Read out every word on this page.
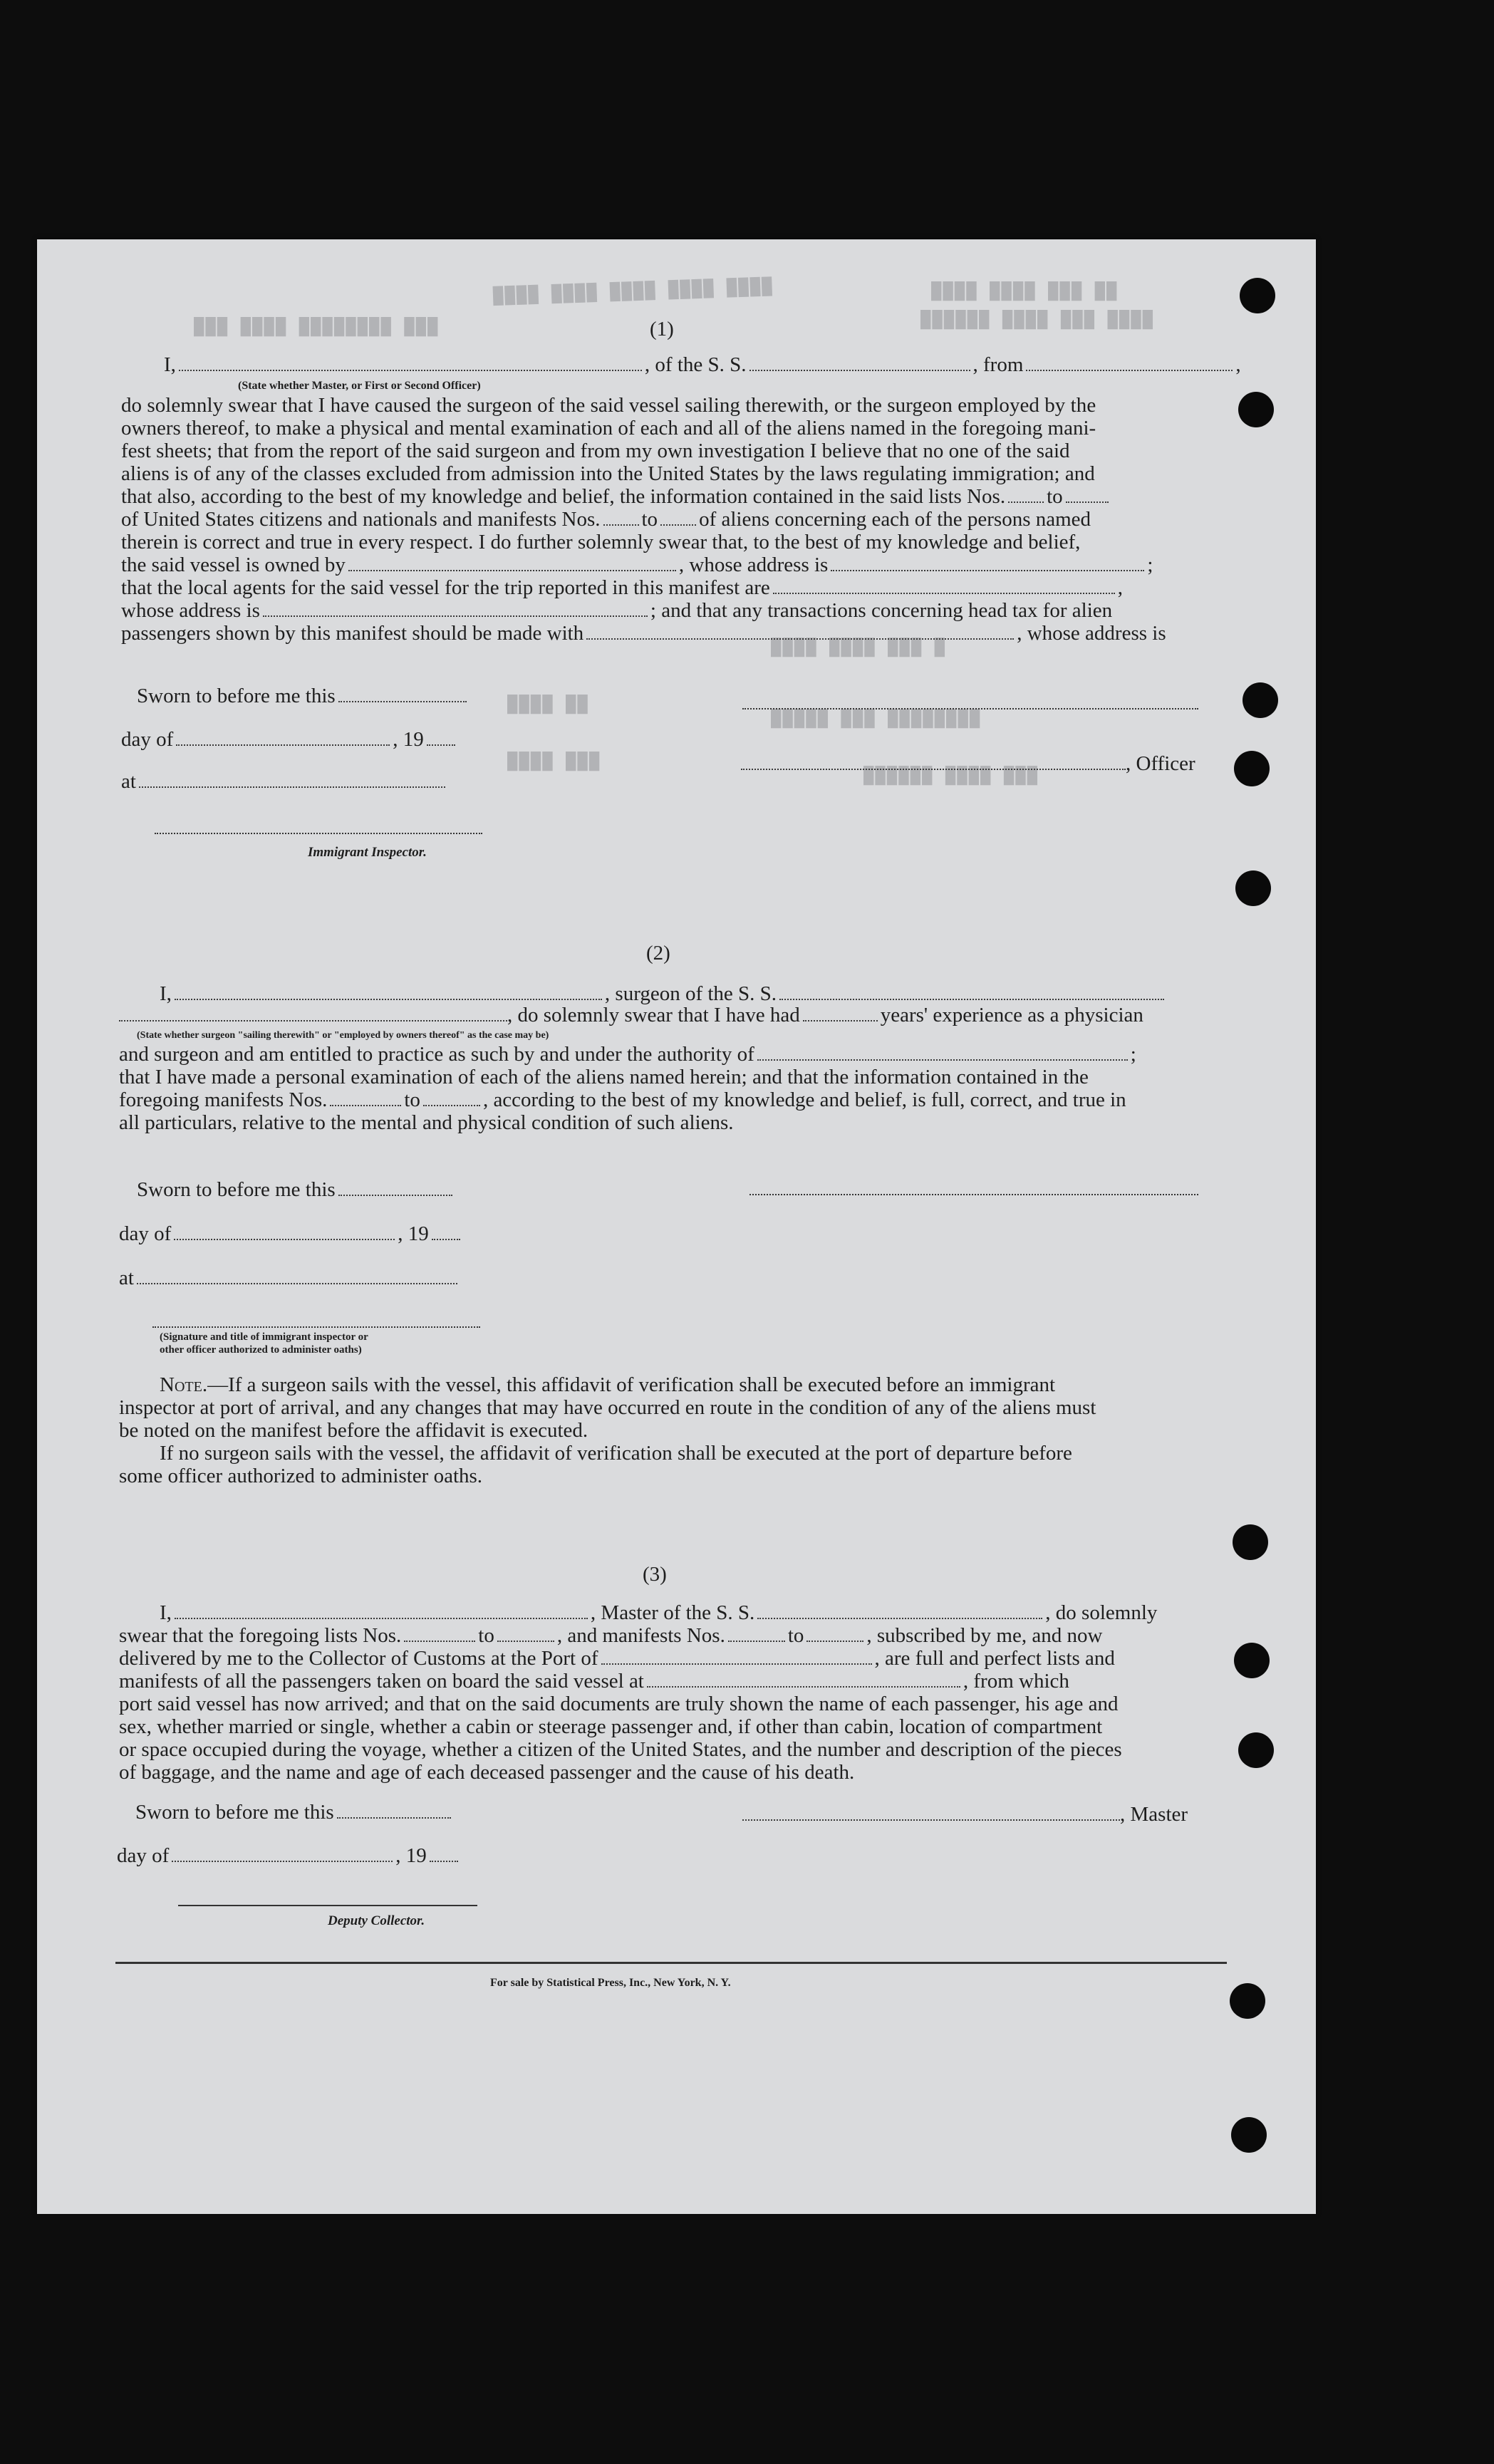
████ ████ ████ ████ ████
███ ████ ████████ ███
████ ████ ███ ██
██████ ████ ███ ████
████ ████ ███ █
█████ ███ ████████
██████ ████ ███
████ ██
████ ███
(1)
I,	, of the S. S.	, from	,
(State whether Master, or First or Second Officer)
do solemnly swear that I have caused the surgeon of the said vessel sailing therewith, or the surgeon employed by the
owners thereof, to make a physical and mental examination of each and all of the aliens named in the foregoing mani-
fest sheets; that from the report of the said surgeon and from my own investigation I believe that no one of the said
aliens is of any of the classes excluded from admission into the United States by the laws regulating immigration; and
that also, according to the best of my knowledge and belief, the information contained in the said lists Nos. to
of United States citizens and nationals and manifests Nos. to of aliens concerning each of the persons named
therein is correct and true in every respect. I do further solemnly swear that, to the best of my knowledge and belief,
the said vessel is owned by	, whose address is	;
that the local agents for the said vessel for the trip reported in this manifest are	,
whose address is	; and that any transactions concerning head tax for alien
passengers shown by this manifest should be made with	, whose address is
Sworn to before me this
day of	, 19
at
Immigrant Inspector.
, Officer
(2)
I,	, surgeon of the S. S.
, do solemnly swear that I have had	years' experience as a physician
(State whether surgeon "sailing therewith" or "employed by owners thereof" as the case may be)
and surgeon and am entitled to practice as such by and under the authority of	;
that I have made a personal examination of each of the aliens named herein; and that the information contained in the
foregoing manifests Nos.	to	, according to the best of my knowledge and belief, is full, correct, and true in
all particulars, relative to the mental and physical condition of such aliens.
Sworn to before me this
day of	, 19
at
(Signature and title of immigrant inspector or
other officer authorized to administer oaths)
Note.—If a surgeon sails with the vessel, this affidavit of verification shall be executed before an immigrant
inspector at port of arrival, and any changes that may have occurred en route in the condition of any of the aliens must
be noted on the manifest before the affidavit is executed.
If no surgeon sails with the vessel, the affidavit of verification shall be executed at the port of departure before
some officer authorized to administer oaths.
(3)
I,	, Master of the S. S.	, do solemnly
swear that the foregoing lists Nos.	to	, and manifests Nos.	to	, subscribed by me, and now
delivered by me to the Collector of Customs at the Port of	, are full and perfect lists and
manifests of all the passengers taken on board the said vessel at	, from which
port said vessel has now arrived; and that on the said documents are truly shown the name of each passenger, his age and
sex, whether married or single, whether a cabin or steerage passenger and, if other than cabin, location of compartment
or space occupied during the voyage, whether a citizen of the United States, and the number and description of the pieces
of baggage, and the name and age of each deceased passenger and the cause of his death.
Sworn to before me this	, Master
day of	, 19
Deputy Collector.
For sale by Statistical Press, Inc., New York, N. Y.
